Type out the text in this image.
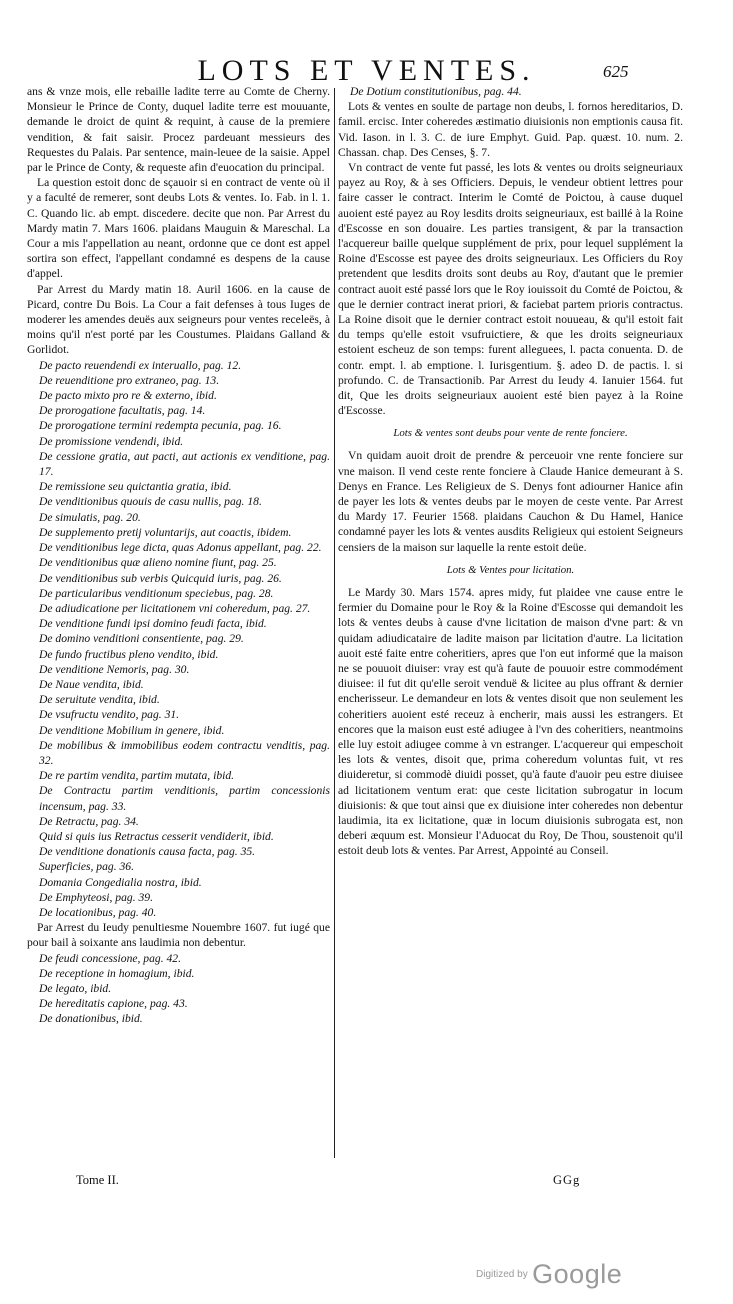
LOTS ET VENTES.	625

ans & vnze mois, elle rebaille ladite terre au Comte de Cherny. Monsieur le Prince de Conty, duquel ladite terre est mouuante, demande le droict de quint & requint, à cause de la premiere vendition, & fait saisir. Procez pardeuant messieurs des Requestes du Palais. Par sentence, main-leuee de la saisie. Appel par le Prince de Conty, & requeste afin d'euocation du principal.

La question estoit donc de sçauoir si en contract de vente où il y a faculté de remerer, sont deubs Lots & ventes. Io. Fab. in l. 1. C. Quando lic. ab empt. discedere. decite que non. Par Arrest du Mardy matin 7. Mars 1606. plaidans Mauguin & Mareschal. La Cour a mis l'appellation au neant, ordonne que ce dont est appel sortira son effect, l'appellant condamné es despens de la cause d'appel.

Par Arrest du Mardy matin 18. Auril 1606. en la cause de Picard, contre Du Bois. La Cour a fait defenses à tous Iuges de moderer les amendes deuës aux seigneurs pour ventes receleës, à moins qu'il n'est porté par les Coustumes. Plaidans Galland & Gorlidot.

De pacto reuendendi ex interuallo, pag. 12.

De reuenditione pro extraneo, pag. 13.

De pacto mixto pro re & externo, ibid.

De prorogatione facultatis, pag. 14.

De prorogatione termini redempta pecunia, pag. 16.

De promissione vendendi, ibid.

De cessione gratia, aut pacti, aut actionis ex venditione, pag. 17.

De remissione seu quictantia gratia, ibid.

De venditionibus quouis de casu nullis, pag. 18.

De simulatis, pag. 20.

De supplemento pretij voluntarijs, aut coactis, ibidem.

De venditionibus lege dicta, quas Adonus appellant, pag. 22.

De venditionibus quæ alieno nomine fiunt, pag. 25.

De venditionibus sub verbis Quicquid iuris, pag. 26.

De particularibus venditionum speciebus, pag. 28.

De adiudicatione per licitationem vni coheredum, pag. 27.

De venditione fundi ipsi domino feudi facta, ibid.

De domino venditioni consentiente, pag. 29.

De fundo fructibus pleno vendito, ibid.

De venditione Nemoris, pag. 30.

De Naue vendita, ibid.

De seruitute vendita, ibid.

De vsufructu vendito, pag. 31.

De venditione Mobilium in genere, ibid.

De mobilibus & immobilibus eodem contractu venditis, pag. 32.

De re partim vendita, partim mutata, ibid.

De Contractu partim venditionis, partim concessionis incensum, pag. 33.

De Retractu, pag. 34.

Quid si quis ius Retractus cesserit vendiderit, ibid.

De venditione donationis causa facta, pag. 35.

Superficies, pag. 36.

Domania Congedialia nostra, ibid.

De Emphyteosi, pag. 39.

De locationibus, pag. 40.

Par Arrest du Ieudy penultiesme Nouembre 1607. fut iugé que pour bail à soixante ans laudimia non debentur.

De feudi concessione, pag. 42.

De receptione in homagium, ibid.

De legato, ibid.

De hereditatis capione, pag. 43.

De donationibus, ibid.

De Dotium constitutionibus, pag. 44.

Lots & ventes en soulte de partage non deubs, l. fornos hereditarios, D. famil. ercisc. Inter coheredes æstimatio diuisionis non emptionis causa fit. Vid. Iason. in l. 3. C. de iure Emphyt. Guid. Pap. quæst. 10. num. 2. Chassan. chap. Des Censes, §. 7.

Vn contract de vente fut passé, les lots & ventes ou droits seigneuriaux payez au Roy, & à ses Officiers. Depuis, le vendeur obtient lettres pour faire casser le contract. Interim le Comté de Poictou, à cause duquel auoient esté payez au Roy lesdits droits seigneuriaux, est baillé à la Roine d'Escosse en son douaire. Les parties transigent, & par la transaction l'acquereur baille quelque supplément de prix, pour lequel supplément la Roine d'Escosse est payee des droits seigneuriaux. Les Officiers du Roy pretendent que lesdits droits sont deubs au Roy, d'autant que le premier contract auoit esté passé lors que le Roy iouissoit du Comté de Poictou, & que le dernier contract inerat priori, & faciebat partem prioris contractus. La Roine disoit que le dernier contract estoit nouueau, & qu'il estoit fait du temps qu'elle estoit vsufruictiere, & que les droits seigneuriaux estoient escheuz de son temps: furent alleguees, l. pacta conuenta. D. de contr. empt. l. ab emptione. l. Iurisgentium. §. adeo D. de pactis. l. si profundo. C. de Transactionib. Par Arrest du Ieudy 4. Ianuier 1564. fut dit, Que les droits seigneuriaux auoient esté bien payez à la Roine d'Escosse.

Lots & ventes sont deubs pour vente de rente fonciere.

Vn quidam auoit droit de prendre & perceuoir vne rente fonciere sur vne maison. Il vend ceste rente fonciere à Claude Hanice demeurant à S. Denys en France. Les Religieux de S. Denys font adiourner Hanice afin de payer les lots & ventes deubs par le moyen de ceste vente. Par Arrest du Mardy 17. Feurier 1568. plaidans Cauchon & Du Hamel, Hanice condamné payer les lots & ventes ausdits Religieux qui estoient Seigneurs censiers de la maison sur laquelle la rente estoit deüe.

Lots & Ventes pour licitation.

Le Mardy 30. Mars 1574. apres midy, fut plaidee vne cause entre le fermier du Domaine pour le Roy & la Roine d'Escosse qui demandoit les lots & ventes deubs à cause d'vne licitation de maison d'vne part: & vn quidam adiudicataire de ladite maison par licitation d'autre. La licitation auoit esté faite entre coheritiers, apres que l'on eut informé que la maison ne se pouuoit diuiser: vray est qu'à faute de pouuoir estre commodément diuisee: il fut dit qu'elle seroit venduë & licitee au plus offrant & dernier encherisseur. Le demandeur en lots & ventes disoit que non seulement les coheritiers auoient esté receuz à encherir, mais aussi les estrangers. Et encores que la maison eust esté adiugee à l'vn des coheritiers, neantmoins elle luy estoit adiugee comme à vn estranger. L'acquereur qui empeschoit les lots & ventes, disoit que, prima coheredum voluntas fuit, vt res diuideretur, si commodè diuidi posset, qu'à faute d'auoir peu estre diuisee ad licitationem ventum erat: que ceste licitation subrogatur in locum diuisionis: & que tout ainsi que ex diuisione inter coheredes non debentur laudimia, ita ex licitatione, quæ in locum diuisionis subrogata est, non deberi æquum est. Monsieur l'Aduocat du Roy, De Thou, soustenoit qu'il estoit deub lots & ventes. Par Arrest, Appointé au Conseil.

Tome II.	GGg
Digitized by Google
